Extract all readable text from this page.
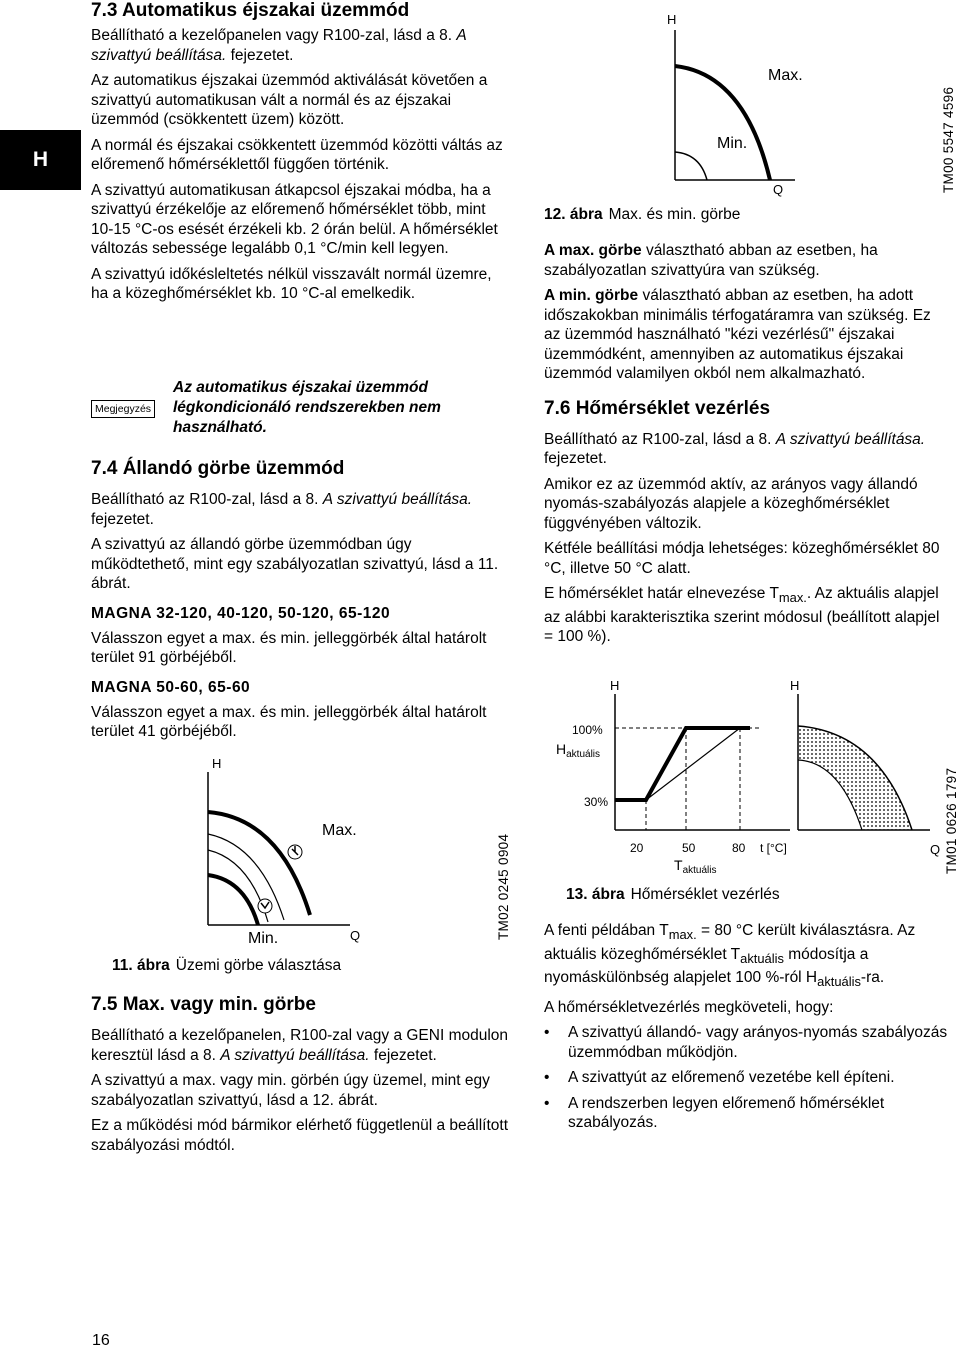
H
7.3 Automatikus éjszakai üzemmód

Beállítható a kezelőpanelen vagy R100-zal, lásd a 8. A szivattyú beállítása. fejezetet.

Az automatikus éjszakai üzemmód aktiválását követően a szivattyú automatikusan vált a normál és az éjszakai üzemmód (csökkentett üzem) között.

A normál és éjszakai csökkentett üzemmód közötti váltás az előremenő hőmérséklettől függően történik.

A szivattyú automatikusan átkapcsol éjszakai módba, ha a szivattyú érzékelője az előremenő hőmérséklet több, mint 10-15 °C-os esését érzékeli kb. 2 órán belül. A hőmérséklet változás sebessége legalább 0,1 °C/min kell legyen.

A szivattyú időkésleltetés nélkül visszavált normál üzemre, ha a közeghőmérséklet kb. 10 °C-al emelkedik.

Megjegyzés
Az automatikus éjszakai üzemmód légkondicionáló rendszerekben nem használható.
7.4 Állandó görbe üzemmód

Beállítható az R100-zal, lásd a 8. A szivattyú beállítása. fejezetet.

A szivattyú az állandó görbe üzemmódban úgy működtethető, mint egy szabályozatlan szivattyú, lásd a 11. ábrát.

MAGNA 32-120, 40-120, 50-120, 65-120

Válasszon egyet a max. és min. jelleggörbék által határolt terület 91 görbéjéből.

MAGNA 50-60, 65-60

Válasszon egyet a max. és min. jelleggörbék által határolt terület 41 görbéjéből.

H
Q
Max.
Min.	TM02 0245 0904
11. ábra Üzemi görbe választása
7.5 Max. vagy min. görbe

Beállítható a kezelőpanelen, R100-zal vagy a GENI modulon keresztül lásd a 8. A szivattyú beállítása. fejezetet.

A szivattyú a max. vagy min. görbén úgy üzemel, mint egy szabályozatlan szivattyú, lásd a 12. ábrát.

Ez a működési mód bármikor elérhető függetlenül a beállított szabályozási módtól.

H
Q
Max.
Min.	TM00 5547 4596
12. ábra Max. és min. görbe

A max. görbe választható abban az esetben, ha szabályozatlan szivattyúra van szükség.

A min. görbe választható abban az esetben, ha adott időszakokban minimális térfogatáramra van szükség. Ez az üzemmód használható "kézi vezérlésű" éjszakai üzemmódként, amennyiben az automatikus éjszakai üzemmód valamilyen okból nem alkalmazható.

7.6 Hőmérséklet vezérlés

Beállítható az R100-zal, lásd a 8. A szivattyú beállítása. fejezetet.

Amikor ez az üzemmód aktív, az arányos vagy állandó nyomás-szabályozás alapjele a közeghőmérséklet függvényében változik.

Kétféle beállítási módja lehetséges: közeghőmérséklet 80 °C, illetve 50 °C alatt.

E hőmérséklet határ elnevezése $T_{max.}$. Az aktuális alapjel az alábbi karakterisztika szerint módosul (beállított alapjel = 100 %).

H
100%
$H_{aktuális}$
30%
20	50	80 t [°C]
$T_{aktuális}$
H
Q TM01 0626 1797
13. ábra Hőmérséklet vezérlés

A fenti példában $T_{max.} = 80$ °C került kiválasztásra. Az aktuális közeghőmérséklet $T_{aktuális}$ módosítja a nyomáskülönbség alapjelet 100 %-ról $H_{aktuális}-ra$.

A hőmérsékletvezérlés megköveteli, hogy:

• A szivattyú állandó- vagy arányos-nyomás szabályozás üzemmódban működjön.
• A szivattyút az előremenő vezetébe kell építeni.
• A rendszerben legyen előremenő hőmérséklet szabályozás.
16
